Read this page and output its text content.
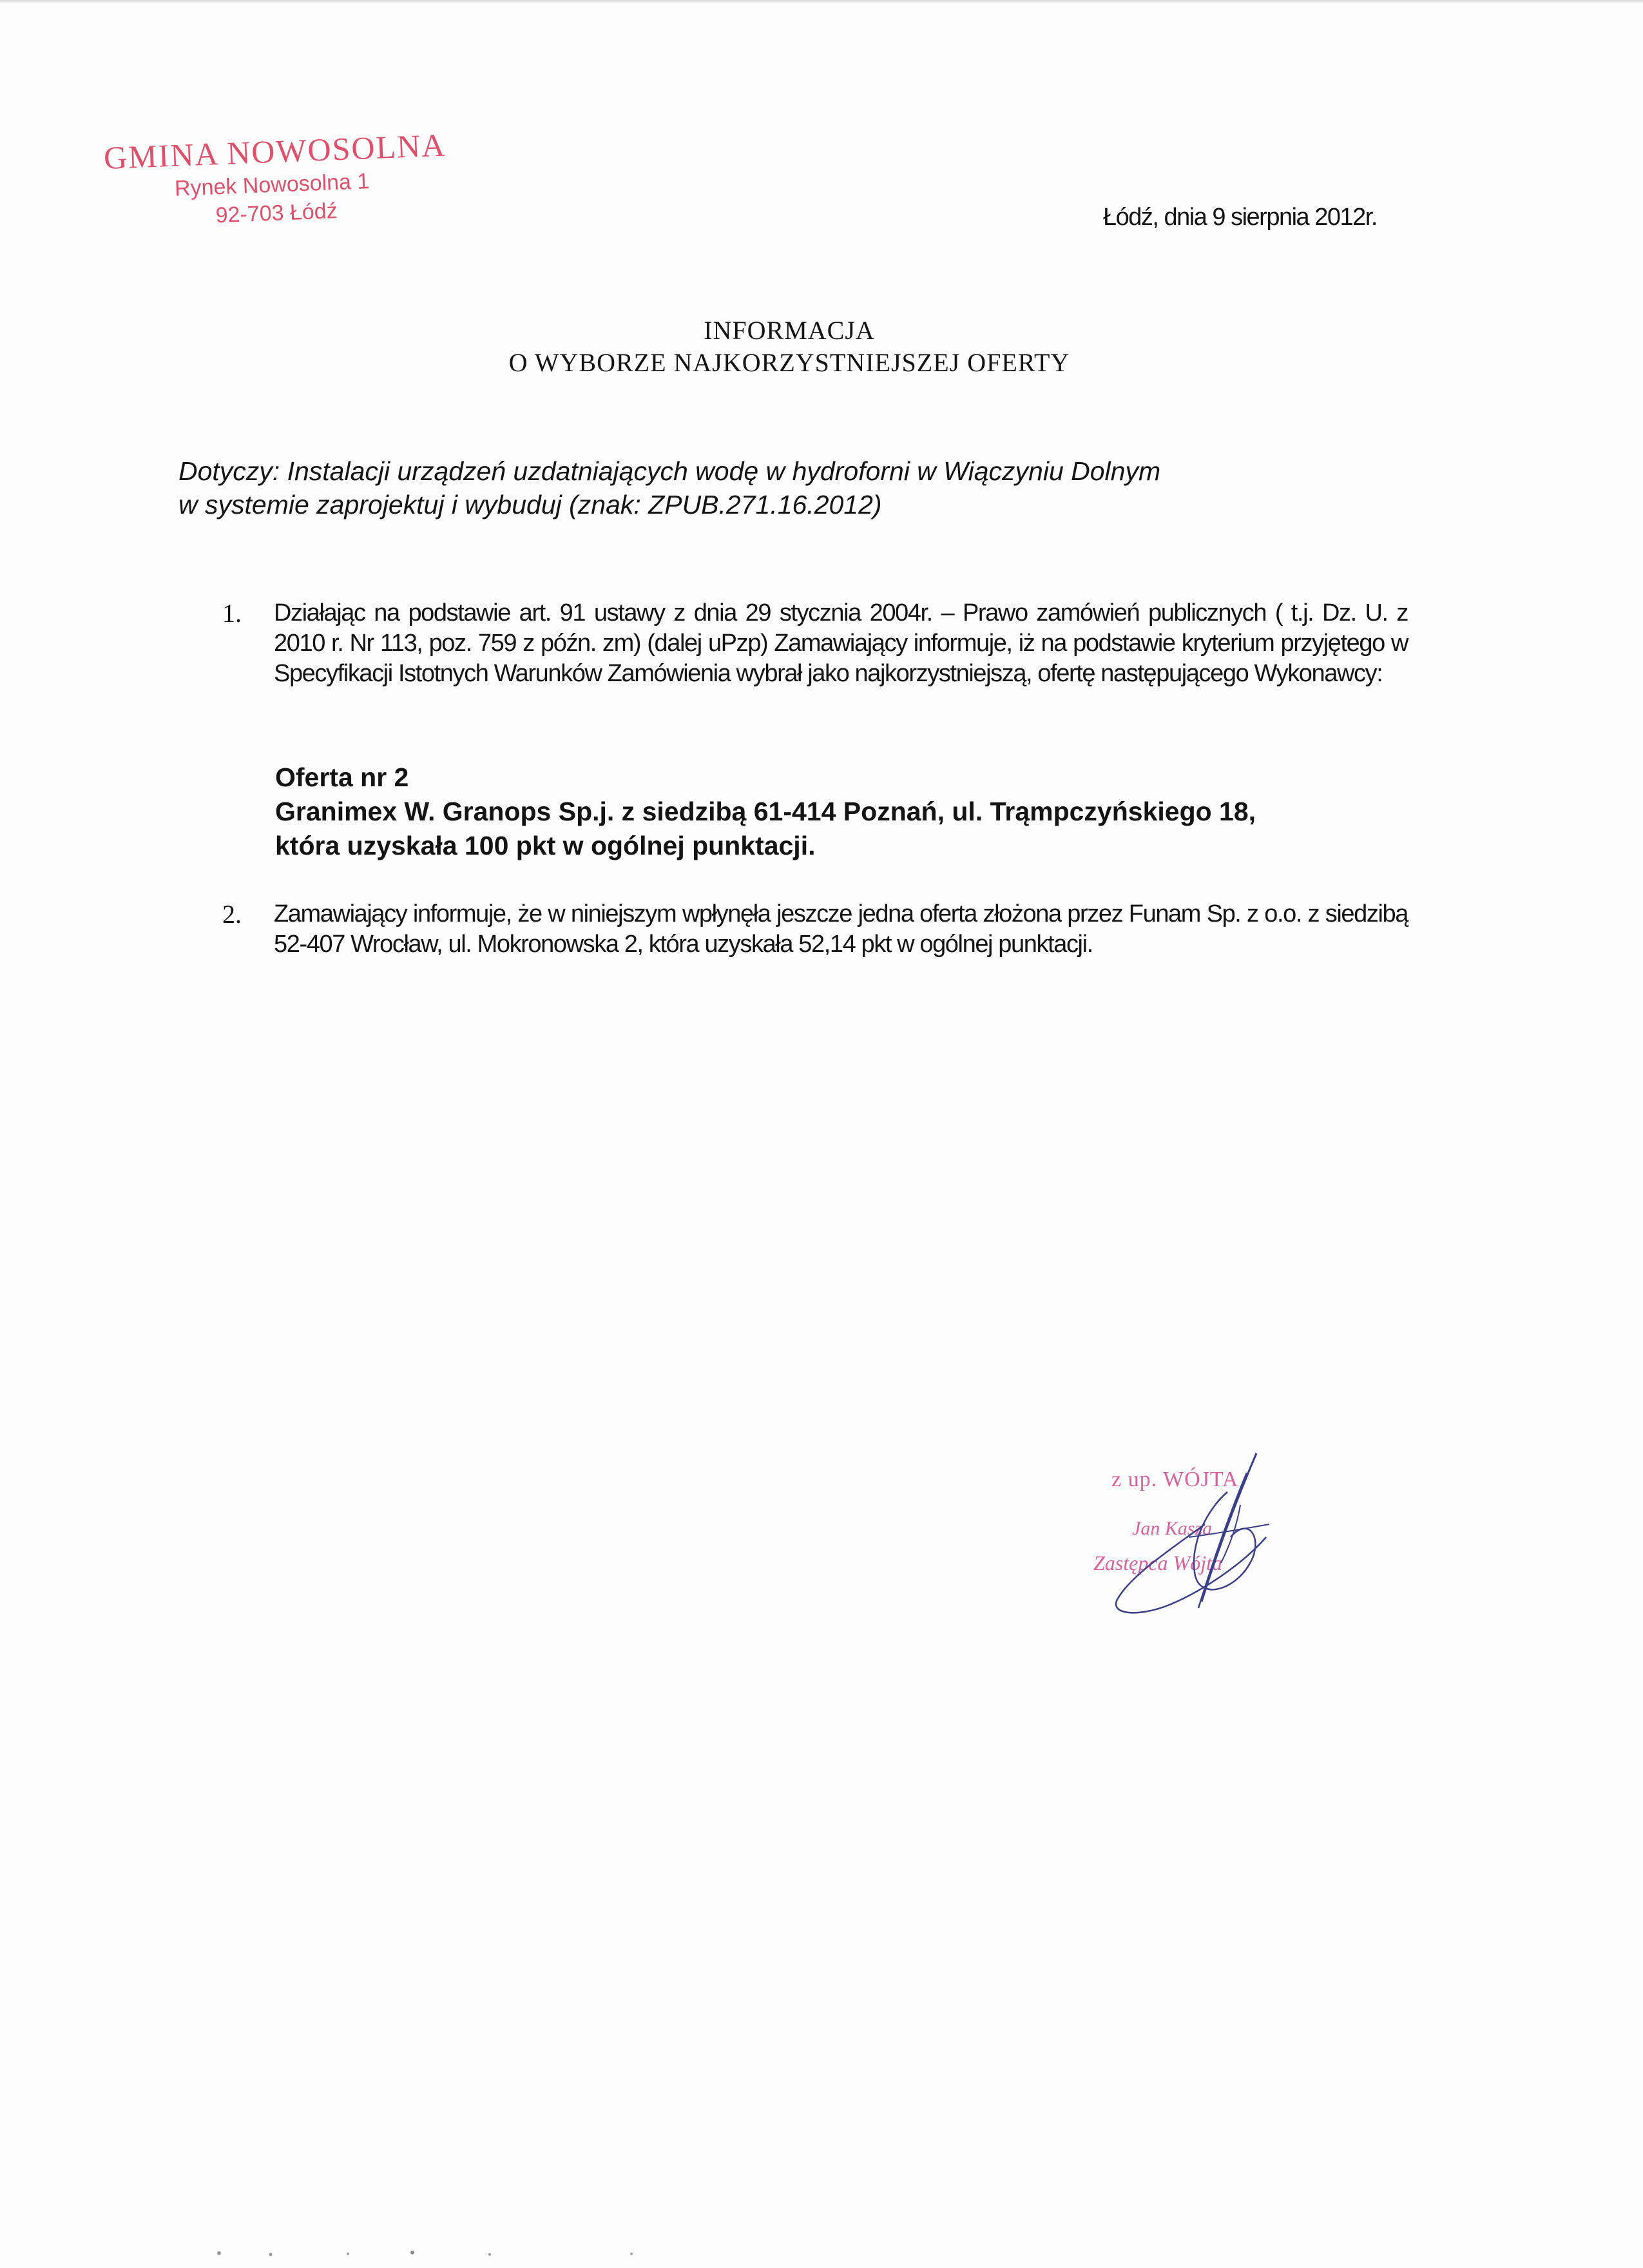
GMINA NOWOSOLNA
Rynek Nowosolna 1
92-703 Łódź	Łódź, dnia 9 sierpnia 2012r.
INFORMACJA
O WYBORZE NAJKORZYSTNIEJSZEJ OFERTY
Dotyczy: Instalacji urządzeń uzdatniających wodę w hydroforni w Wiączyniu Dolnym
w systemie zaprojektuj i wybuduj (znak: ZPUB.271.16.2012)
1. Działając na podstawie art. 91 ustawy z dnia 29 stycznia 2004r. – Prawo zamówień publicznych ( t.j. Dz. U. z 2010 r. Nr 113, poz. 759 z późn. zm) (dalej uPzp) Zamawiający informuje, iż na podstawie kryterium przyjętego w Specyfikacji Istotnych Warunków Zamówienia wybrał jako najkorzystniejszą, ofertę następującego Wykonawcy:
Oferta nr 2
Granimex W. Granops Sp.j. z siedzibą 61-414 Poznań, ul. Trąmpczyńskiego 18,
która uzyskała 100 pkt w ogólnej punktacji.
2. Zamawiający informuje, że w niniejszym wpłynęła jeszcze jedna oferta złożona przez Funam Sp. z o.o. z siedzibą 52-407 Wrocław, ul. Mokronowska 2, która uzyskała 52,14 pkt w ogólnej punktacji.
z up. WÓJTA
Jan Kasza
Zastępca Wójta
